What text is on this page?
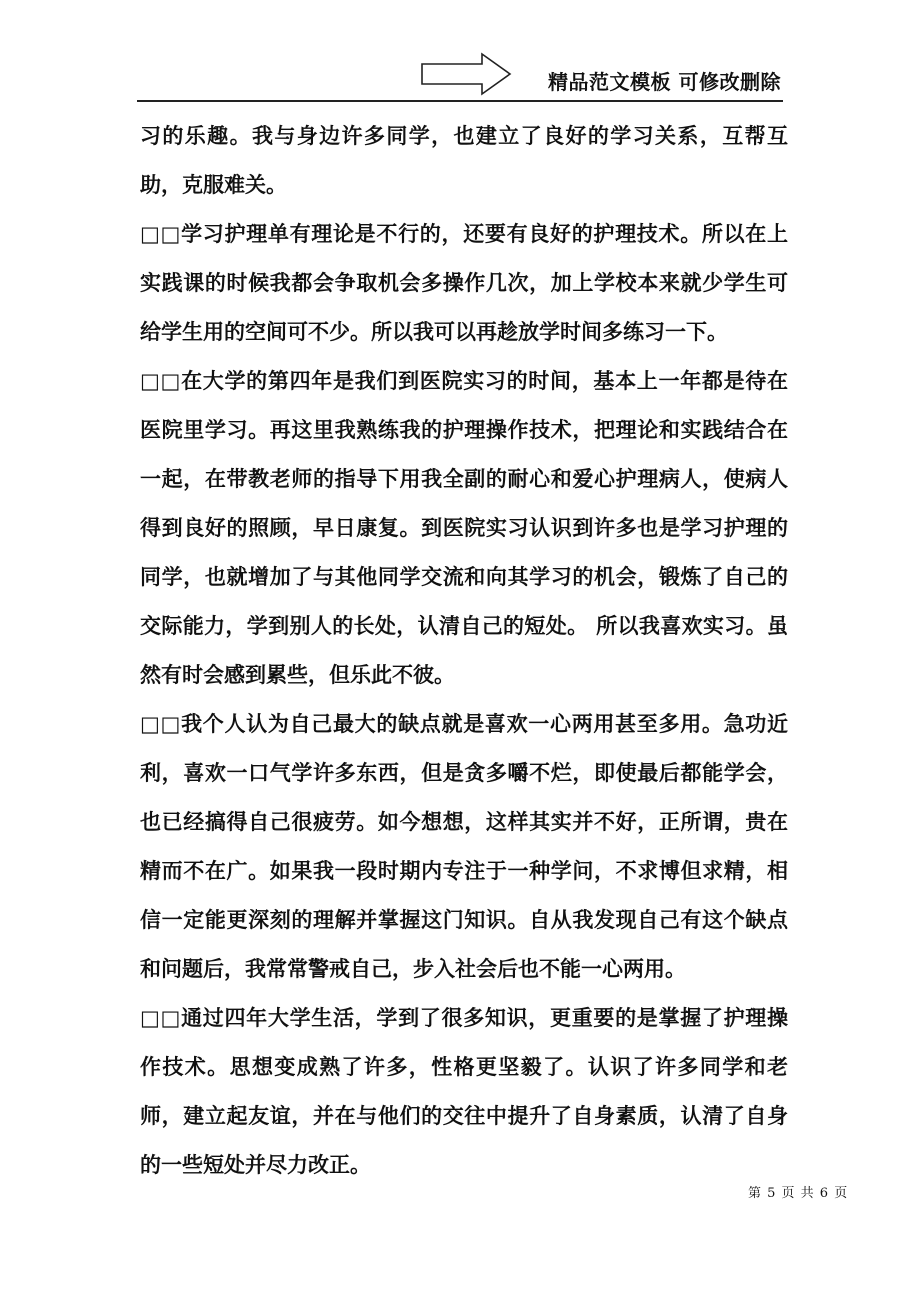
精品范文模板 可修改删除

习的乐趣。我与身边许多同学，也建立了良好的学习关系，互帮互助，克服难关。

□□学习护理单有理论是不行的，还要有良好的护理技术。所以在上实践课的时候我都会争取机会多操作几次，加上学校本来就少学生可给学生用的空间可不少。所以我可以再趁放学时间多练习一下。

□□在大学的第四年是我们到医院实习的时间，基本上一年都是待在医院里学习。再这里我熟练我的护理操作技术，把理论和实践结合在一起，在带教老师的指导下用我全副的耐心和爱心护理病人，使病人得到良好的照顾，早日康复。到医院实习认识到许多也是学习护理的同学，也就增加了与其他同学交流和向其学习的机会，锻炼了自己的交际能力，学到别人的长处，认清自己的短处。 所以我喜欢实习。虽然有时会感到累些，但乐此不彼。

□□我个人认为自己最大的缺点就是喜欢一心两用甚至多用。急功近利，喜欢一口气学许多东西，但是贪多嚼不烂，即使最后都能学会，也已经搞得自己很疲劳。如今想想，这样其实并不好，正所谓，贵在精而不在广。如果我一段时期内专注于一种学问，不求博但求精，相信一定能更深刻的理解并掌握这门知识。自从我发现自己有这个缺点和问题后，我常常警戒自己，步入社会后也不能一心两用。

□□通过四年大学生活，学到了很多知识，更重要的是掌握了护理操作技术。思想变成熟了许多，性格更坚毅了。认识了许多同学和老师，建立起友谊，并在与他们的交往中提升了自身素质，认清了自身的一些短处并尽力改正。

第 5 页 共 6 页
